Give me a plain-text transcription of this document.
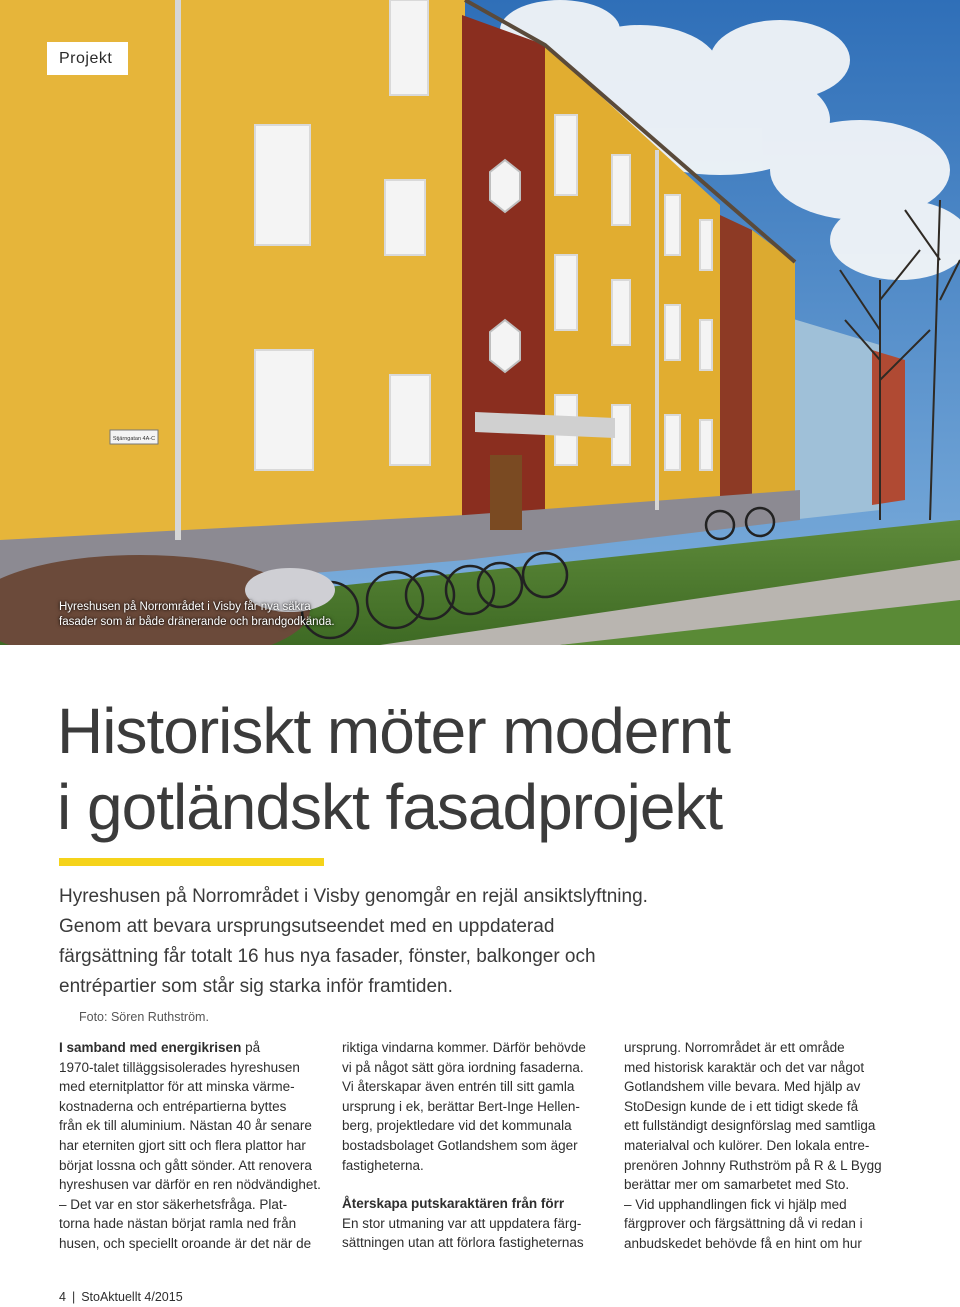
Stjärngatan 4A-C
Projekt
Hyreshusen på Norrområdet i Visby får nya säkra
fasader som är både dränerande och brandgodkända.
Historiskt möter modernt
i gotländskt fasadprojekt
Hyreshusen på Norrområdet i Visby genomgår en rejäl ansiktslyftning.
Genom att bevara ursprungsutseendet med en uppdaterad
färgsättning får totalt 16 hus nya fasader, fönster, balkonger och
entrépartier som står sig starka inför framtiden.
Foto: Sören Ruthström.
I samband med energikrisen på
1970-talet tilläggsisolerades hyreshusen
med eternitplattor för att minska värme-
kostnaderna och entrépartierna byttes
från ek till aluminium. Nästan 40 år senare
har eterniten gjort sitt och flera plattor har
börjat lossna och gått sönder. Att renovera
hyreshusen var därför en ren nödvändighet.
– Det var en stor säkerhetsfråga. Plat-
torna hade nästan börjat ramla ned från
husen, och speciellt oroande är det när de
riktiga vindarna kommer. Därför behövde
vi på något sätt göra iordning fasaderna.
Vi återskapar även entrén till sitt gamla
ursprung i ek, berättar Bert-Inge Hellen-
berg, projektledare vid det kommunala
bostadsbolaget Gotlandshem som äger
fastigheterna.
Återskapa putskaraktären från förr
En stor utmaning var att uppdatera färg-
sättningen utan att förlora fastigheternas
ursprung. Norrområdet är ett område
med historisk karaktär och det var något
Gotlandshem ville bevara. Med hjälp av
StoDesign kunde de i ett tidigt skede få
ett fullständigt designförslag med samtliga
materialval och kulörer. Den lokala entre-
prenören Johnny Ruthström på R & L Bygg
berättar mer om samarbetet med Sto.
– Vid upphandlingen fick vi hjälp med
färgprover och färgsättning då vi redan i
anbudskedet behövde få en hint om hur
4 | StoAktuellt 4/2015
